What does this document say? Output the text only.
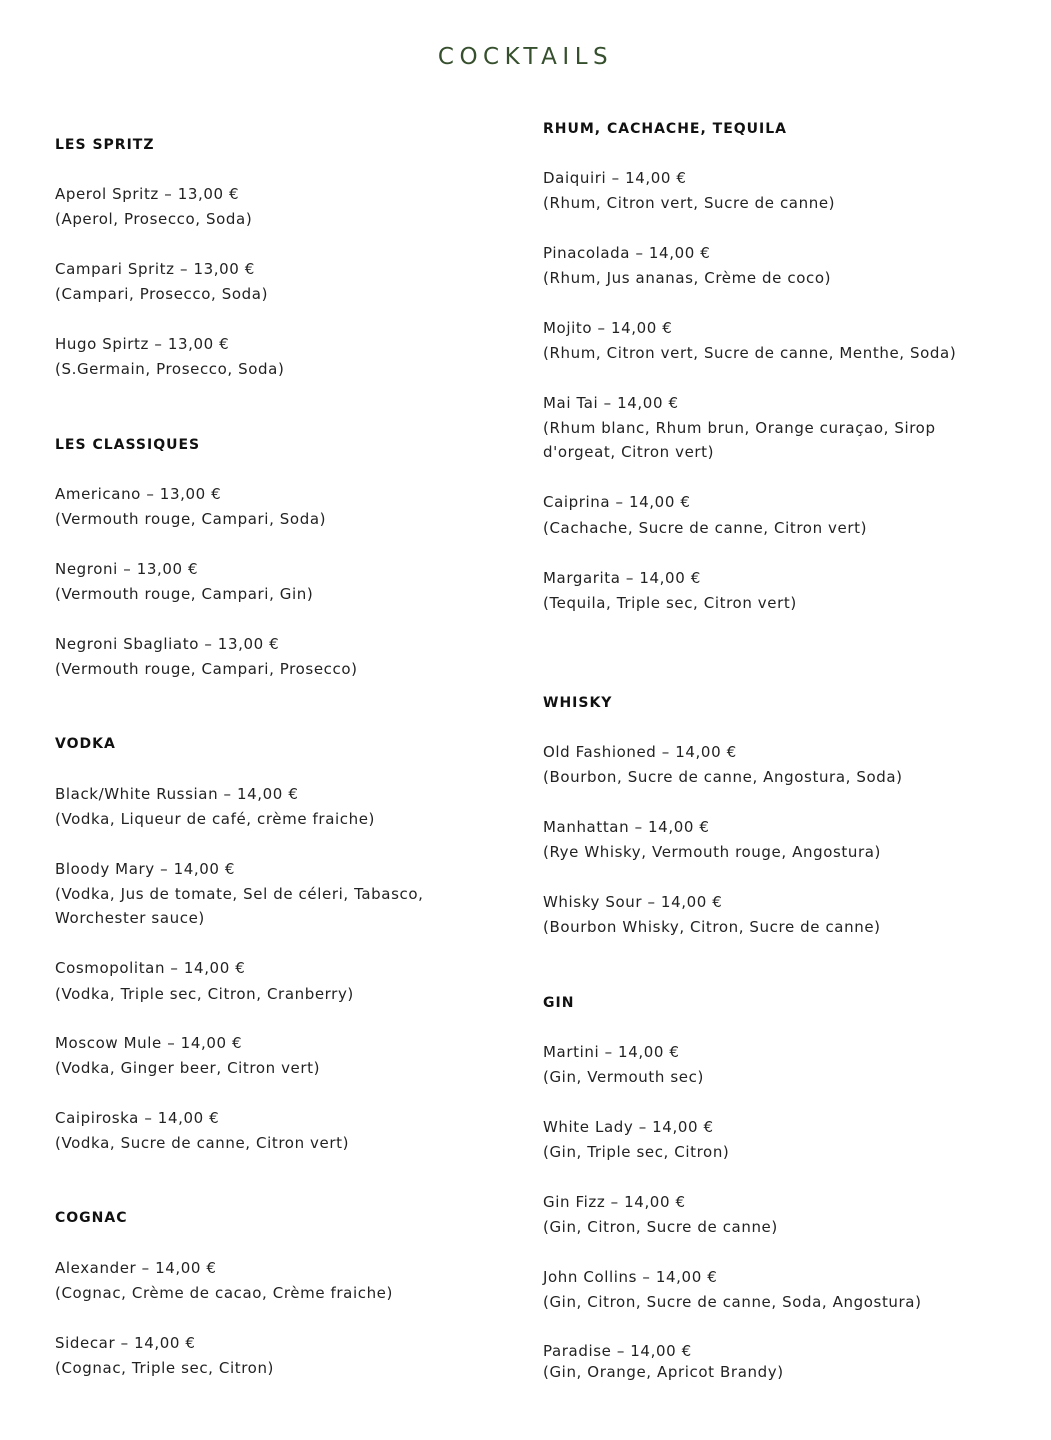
COCKTAILS
LES SPRITZ
Aperol Spritz – 13,00 €
(Aperol, Prosecco, Soda)
Campari Spritz – 13,00 €
(Campari, Prosecco, Soda)
Hugo Spirtz – 13,00 €
(S.Germain, Prosecco, Soda)
LES CLASSIQUES
Americano – 13,00 €
(Vermouth rouge, Campari, Soda)
Negroni – 13,00 €
(Vermouth rouge, Campari, Gin)
Negroni Sbagliato – 13,00 €
(Vermouth rouge, Campari, Prosecco)
VODKA
Black/White Russian – 14,00 €
(Vodka, Liqueur de café, crème fraiche)
Bloody Mary – 14,00 €
(Vodka, Jus de tomate, Sel de céleri, Tabasco,
Worchester sauce)
Cosmopolitan – 14,00 €
(Vodka, Triple sec, Citron, Cranberry)
Moscow Mule – 14,00 €
(Vodka, Ginger beer, Citron vert)
Caipiroska – 14,00 €
(Vodka, Sucre de canne, Citron vert)
COGNAC
Alexander – 14,00 €
(Cognac, Crème de cacao, Crème fraiche)
Sidecar – 14,00 €
(Cognac, Triple sec, Citron)
RHUM, CACHACHE, TEQUILA
Daiquiri – 14,00 €
(Rhum, Citron vert, Sucre de canne)
Pinacolada – 14,00 €
(Rhum, Jus ananas, Crème de coco)
Mojito – 14,00 €
(Rhum, Citron vert, Sucre de canne, Menthe, Soda)
Mai Tai – 14,00 €
(Rhum blanc, Rhum brun, Orange curaçao, Sirop
d'orgeat, Citron vert)
Caiprina – 14,00 €
(Cachache, Sucre de canne, Citron vert)
Margarita – 14,00 €
(Tequila, Triple sec, Citron vert)
WHISKY
Old Fashioned – 14,00 €
(Bourbon, Sucre de canne, Angostura, Soda)
Manhattan – 14,00 €
(Rye Whisky, Vermouth rouge, Angostura)
Whisky Sour – 14,00 €
(Bourbon Whisky, Citron, Sucre de canne)
GIN
Martini – 14,00 €
(Gin, Vermouth sec)
White Lady – 14,00 €
(Gin, Triple sec, Citron)
Gin Fizz – 14,00 €
(Gin, Citron, Sucre de canne)
John Collins – 14,00 €
(Gin, Citron, Sucre de canne, Soda, Angostura)
Paradise – 14,00 €
(Gin, Orange, Apricot Brandy)
